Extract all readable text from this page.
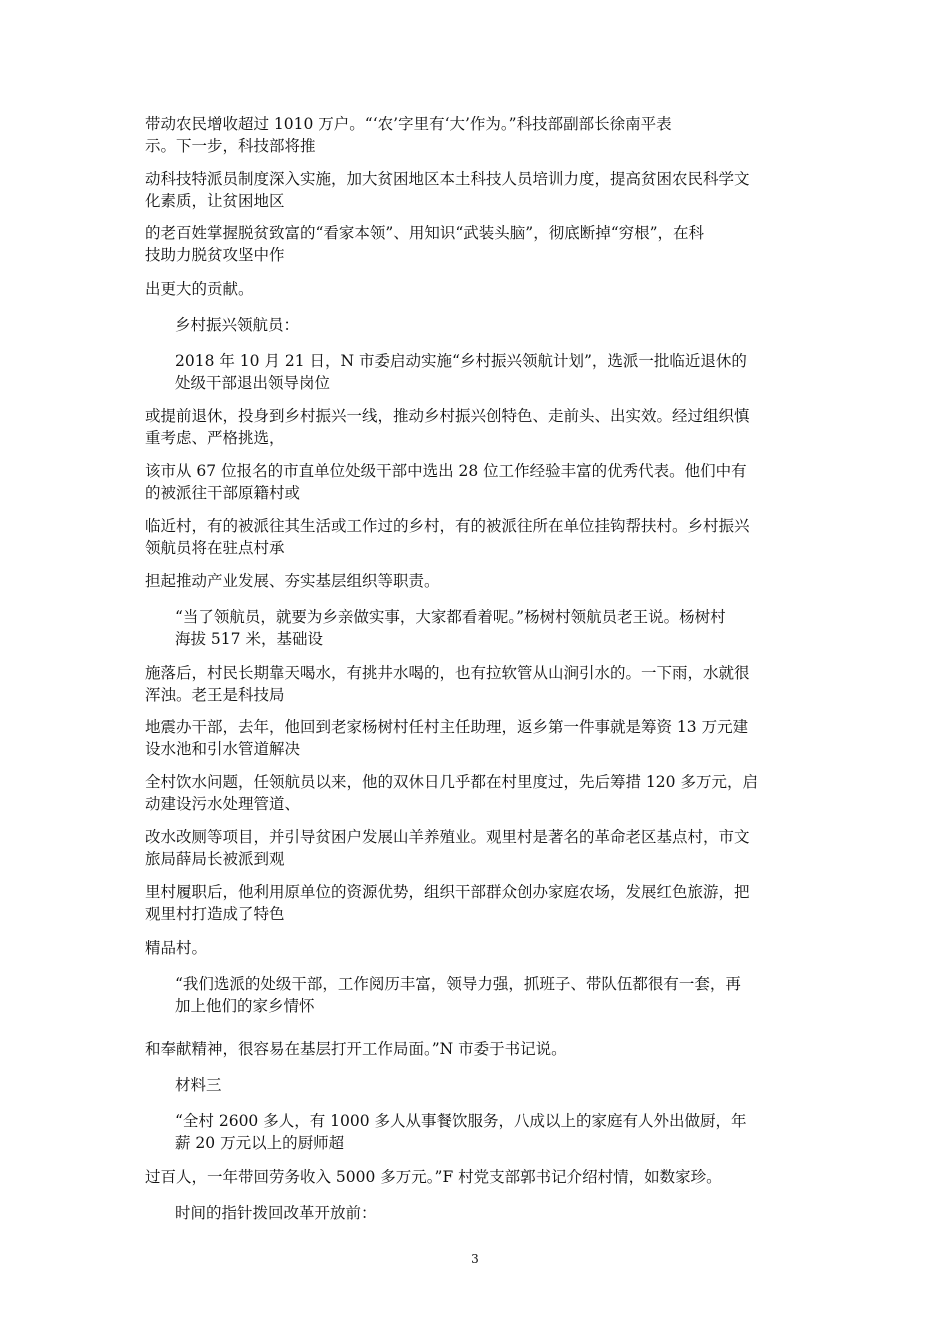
带动农民增收超过 1010 万户。“‘农’字里有‘大’作为。”科技部副部长徐南平表
示。下一步，科技部将推
动科技特派员制度深入实施，加大贫困地区本土科技人员培训力度，提高贫困农民科学文
化素质，让贫困地区
的老百姓掌握脱贫致富的“看家本领”、用知识“武装头脑”，彻底断掉“穷根”，在科
技助力脱贫攻坚中作
出更大的贡献。
乡村振兴领航员：
2018 年 10 月 21 日，N 市委启动实施“乡村振兴领航计划”，选派一批临近退休的
处级干部退出领导岗位
或提前退休，投身到乡村振兴一线，推动乡村振兴创特色、走前头、出实效。经过组织慎
重考虑、严格挑选，
该市从 67 位报名的市直单位处级干部中选出 28 位工作经验丰富的优秀代表。他们中有
的被派往干部原籍村或
临近村，有的被派往其生活或工作过的乡村，有的被派往所在单位挂钩帮扶村。乡村振兴
领航员将在驻点村承
担起推动产业发展、夯实基层组织等职责。
“当了领航员，就要为乡亲做实事，大家都看着呢。”杨树村领航员老王说。杨树村
海拔 517 米，基础设
施落后，村民长期靠天喝水，有挑井水喝的，也有拉软管从山涧引水的。一下雨，水就很
浑浊。老王是科技局
地震办干部，去年，他回到老家杨树村任村主任助理，返乡第一件事就是筹资 13 万元建
设水池和引水管道解决
全村饮水问题，任领航员以来，他的双休日几乎都在村里度过，先后筹措 120 多万元，启
动建设污水处理管道、
改水改厕等项目，并引导贫困户发展山羊养殖业。观里村是著名的革命老区基点村，市文
旅局薛局长被派到观
里村履职后，他利用原单位的资源优势，组织干部群众创办家庭农场，发展红色旅游，把
观里村打造成了特色
精品村。
“我们选派的处级干部，工作阅历丰富，领导力强，抓班子、带队伍都很有一套，再
加上他们的家乡情怀
和奉献精神，很容易在基层打开工作局面。”N 市委于书记说。
材料三
“全村 2600 多人，有 1000 多人从事餐饮服务，八成以上的家庭有人外出做厨，年
薪 20 万元以上的厨师超
过百人，一年带回劳务收入 5000 多万元。”F 村党支部郭书记介绍村情，如数家珍。
时间的指针拨回改革开放前：
3
